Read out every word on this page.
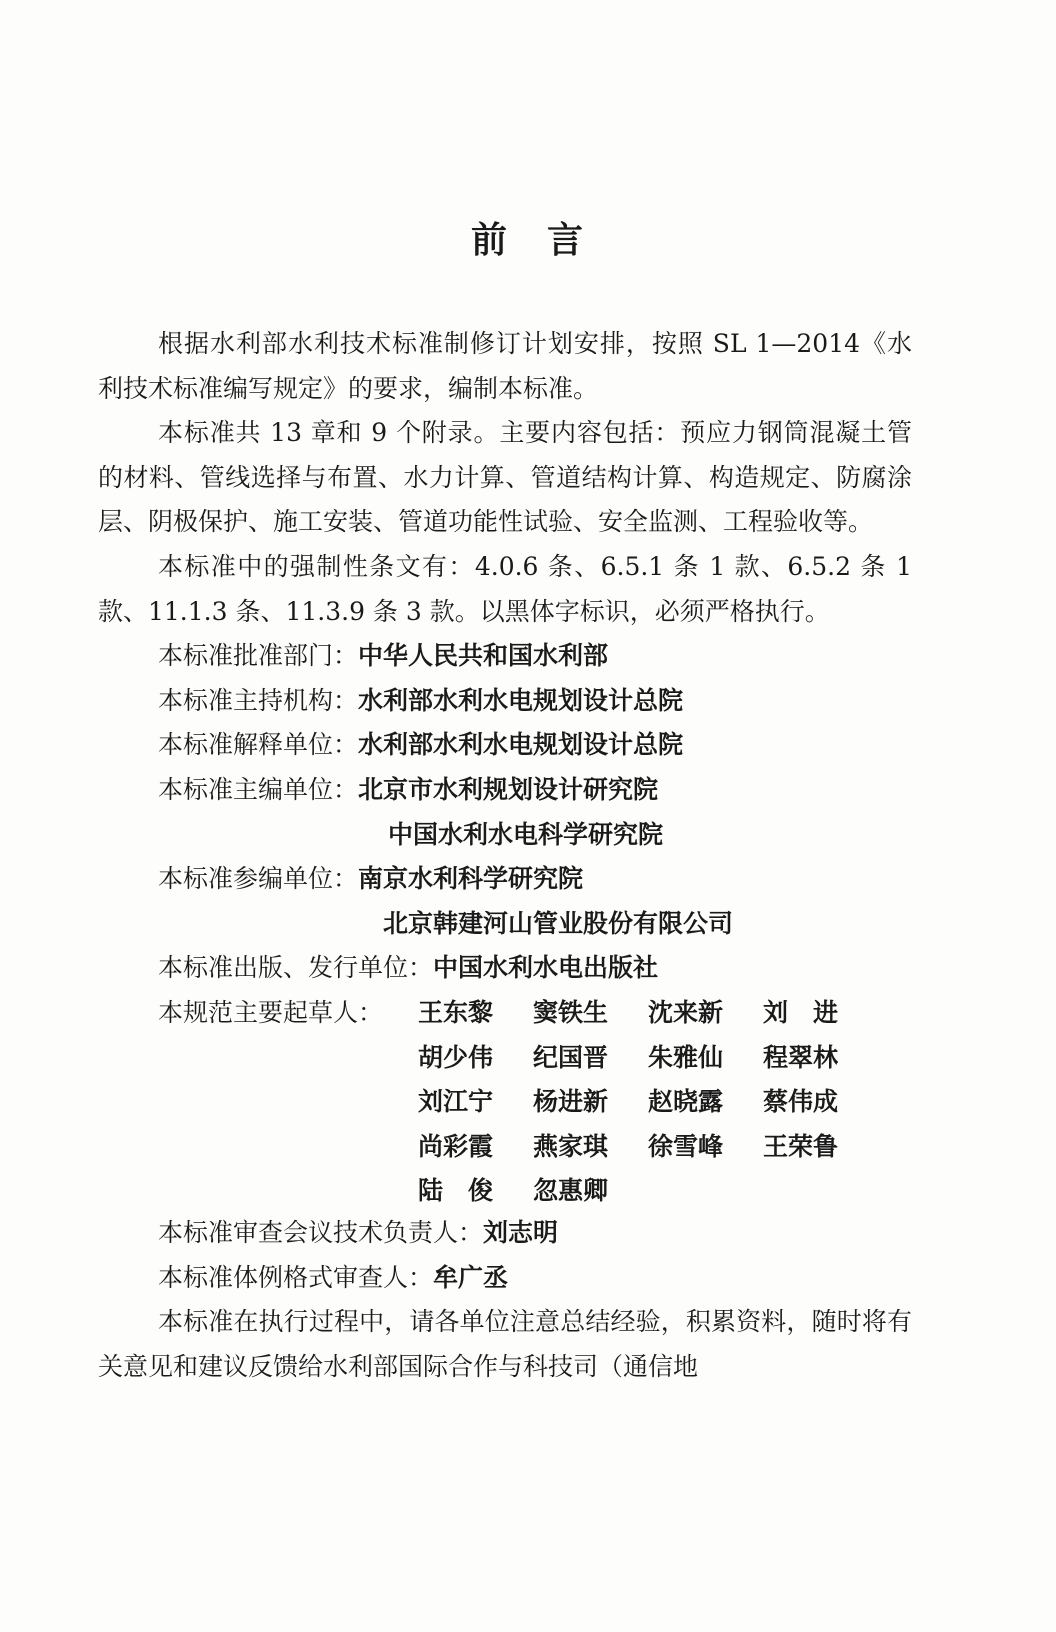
前　言

根据水利部水利技术标准制修订计划安排，按照 SL 1—2014《水利技术标准编写规定》的要求，编制本标准。

本标准共 13 章和 9 个附录。主要内容包括：预应力钢筒混凝土管的材料、管线选择与布置、水力计算、管道结构计算、构造规定、防腐涂层、阴极保护、施工安装、管道功能性试验、安全监测、工程验收等。

本标准中的强制性条文有：4.0.6 条、6.5.1 条 1 款、6.5.2 条 1 款、11.1.3 条、11.3.9 条 3 款。以黑体字标识，必须严格执行。

本标准批准部门：中华人民共和国水利部
本标准主持机构：水利部水利水电规划设计总院
本标准解释单位：水利部水利水电规划设计总院
本标准主编单位：北京市水利规划设计研究院
中国水利水电科学研究院
本标准参编单位：南京水利科学研究院
北京韩建河山管业股份有限公司
本标准出版、发行单位：中国水利水电出版社
本规范主要起草人：	王东黎 窦铁生 沈来新 刘　进
胡少伟 纪国晋 朱雅仙 程翠林
刘江宁 杨进新 赵晓露 蔡伟成
尚彩霞 燕家琪 徐雪峰 王荣鲁
陆　俊 忽惠卿
本标准审查会议技术负责人：刘志明
本标准体例格式审查人：牟广丞

本标准在执行过程中，请各单位注意总结经验，积累资料，随时将有关意见和建议反馈给水利部国际合作与科技司（通信地
